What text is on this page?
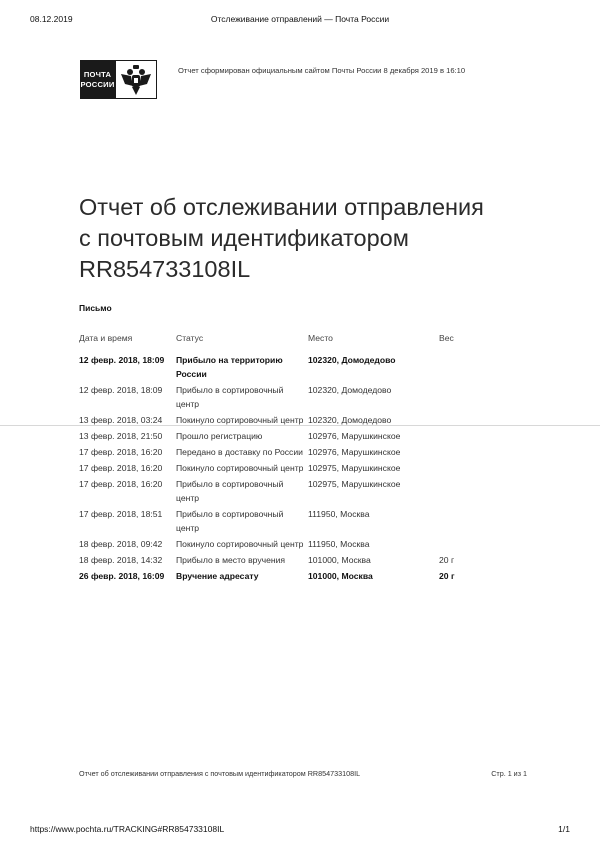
08.12.2019	Отслеживание отправлений — Почта России
ПОЧТА
РОССИИ
Отчет сформирован официальным сайтом Почты России 8 декабря 2019 в 16:10
Отчет об отслеживании отправления
с почтовым идентификатором
RR854733108IL
Письмо
Дата и время	Статус	Место	Вес
12 февр. 2018, 18:09	Прибыло на территорию России	102320, Домодедово	
12 февр. 2018, 18:09	Прибыло в сортировочный центр	102320, Домодедово	
13 февр. 2018, 03:24	Покинуло сортировочный центр	102320, Домодедово	
13 февр. 2018, 21:50	Прошло регистрацию	102976, Марушкинское	
17 февр. 2018, 16:20	Передано в доставку по России	102976, Марушкинское	
17 февр. 2018, 16:20	Покинуло сортировочный центр	102975, Марушкинское	
17 февр. 2018, 16:20	Прибыло в сортировочный центр	102975, Марушкинское	
17 февр. 2018, 18:51	Прибыло в сортировочный центр	111950, Москва	
18 февр. 2018, 09:42	Покинуло сортировочный центр	111950, Москва	
18 февр. 2018, 14:32	Прибыло в место вручения	101000, Москва	20 г
26 февр. 2018, 16:09	Вручение адресату	101000, Москва	20 г
Отчет об отслеживании отправления с почтовым идентификатором RR854733108IL	Стр. 1 из 1
https://www.pochta.ru/TRACKING#RR854733108IL	1/1
